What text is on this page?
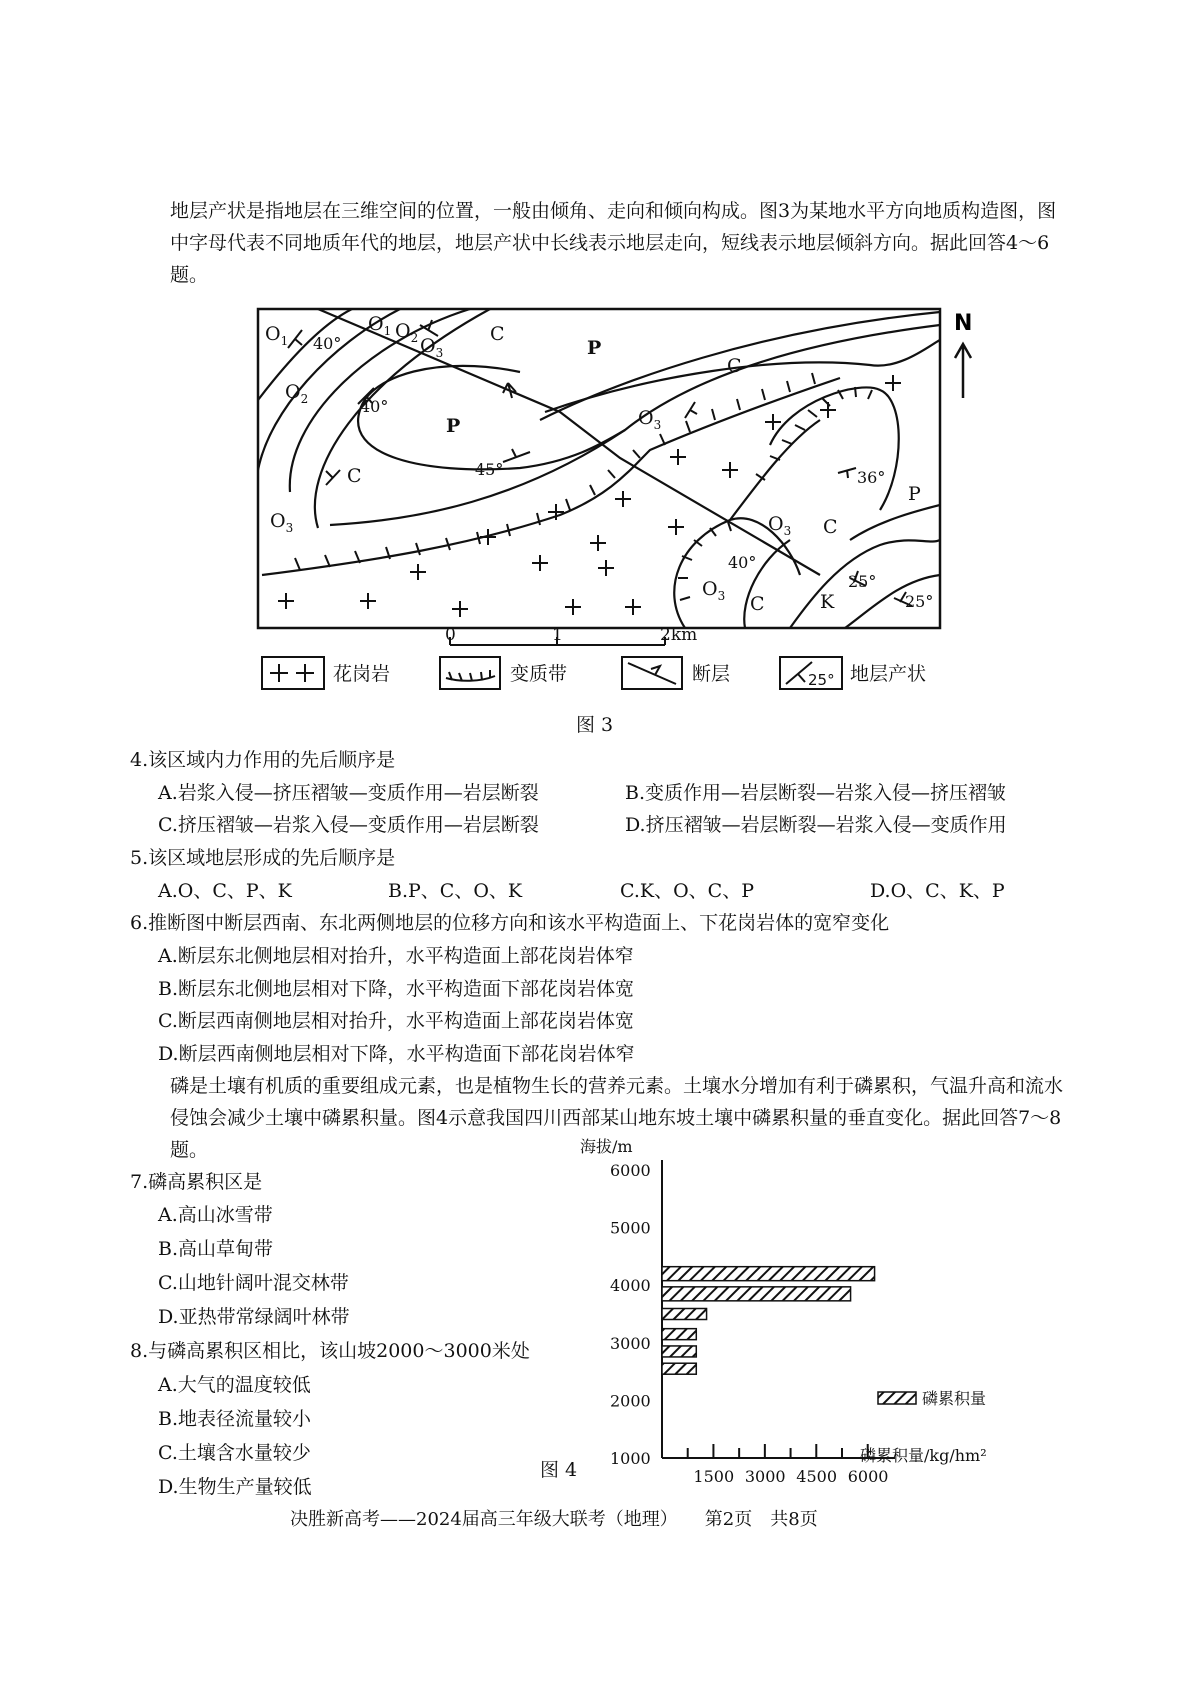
地层产状是指地层在三维空间的位置，一般由倾角、走向和倾向构成。图3为某地水平方向地质构造图，图中字母代表不同地质年代的地层，地层产状中长线表示地层走向，短线表示地层倾斜方向。据此回答4～6题。
$O_1$
$O_1$ $O_2$ $O_3$
$O_2$
$O_3$
$O_3$
$O_3$
$O_3$
P
P
P
C
C
C
C
C	K
40°
40°
45°	36°
40°
25°
25°
N
0	1	2km
花岗岩	变质带	断层	地层产状
25°
图 3
4.该区域内力作用的先后顺序是
A.岩浆入侵—挤压褶皱—变质作用—岩层断裂	B.变质作用—岩层断裂—岩浆入侵—挤压褶皱
C.挤压褶皱—岩浆入侵—变质作用—岩层断裂	D.挤压褶皱—岩层断裂—岩浆入侵—变质作用
5.该区域地层形成的先后顺序是
A.O、C、P、K	B.P、C、O、K	C.K、O、C、P	D.O、C、K、P
6.推断图中断层西南、东北两侧地层的位移方向和该水平构造面上、下花岗岩体的宽窄变化
A.断层东北侧地层相对抬升，水平构造面上部花岗岩体窄
B.断层东北侧地层相对下降，水平构造面下部花岗岩体宽
C.断层西南侧地层相对抬升，水平构造面上部花岗岩体宽
D.断层西南侧地层相对下降，水平构造面下部花岗岩体窄
磷是土壤有机质的重要组成元素，也是植物生长的营养元素。土壤水分增加有利于磷累积，气温升高和流水侵蚀会减少土壤中磷累积量。图4示意我国四川西部某山地东坡土壤中磷累积量的垂直变化。据此回答7～8题。
7.磷高累积区是
A.高山冰雪带
B.高山草甸带
C.山地针阔叶混交林带
D.亚热带常绿阔叶林带
8.与磷高累积区相比，该山坡2000～3000米处
A.大气的温度较低
B.地表径流量较小
C.土壤含水量较少
D.生物生产量较低
海拔/m
1000
2000
3000
4000
5000
6000
1500 3000 4500 6000
磷累积量/kg/hm²
磷累积量
图 4
决胜新高考——2024届高三年级大联考（地理）　　第2页　共8页
